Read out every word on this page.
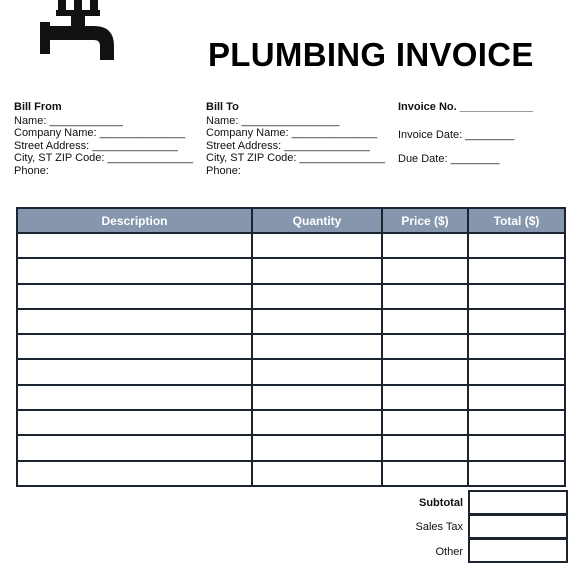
PLUMBING INVOICE
Bill From
Name: ____________
Company Name: ______________
Street Address: ______________
City, ST ZIP Code: ______________
Phone:
Bill To
Name: ________________
Company Name: ______________
Street Address: ______________
City, ST ZIP Code: ______________
Phone:
Invoice No. ____________
Invoice Date: ________
Due Date: ________
Description	Quantity	Price ($)	Total ($)

Subtotal
Sales Tax
Other
